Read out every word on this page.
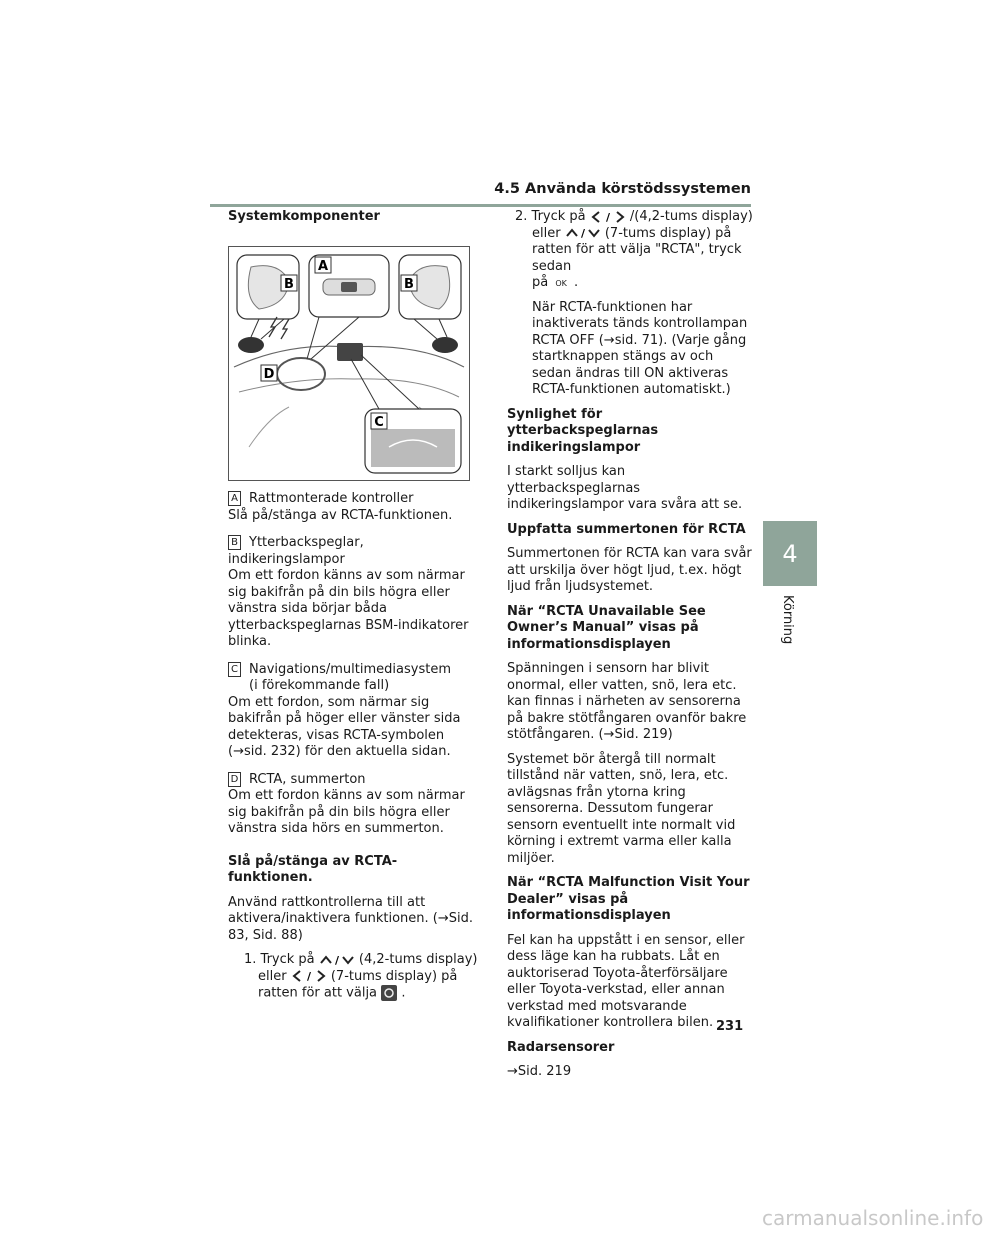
4.5 Använda körstödssystemen
4
Körning

Systemkomponenter

A
B	B
C
D
A Rattmonterade kontroller
Slå på/stänga av RCTA-funktionen.
B Ytterbackspeglar, indikeringslampor
Om ett fordon känns av som närmar sig bakifrån på din bils högra eller vänstra sida börjar båda ytterbackspeglarnas BSM-indikatorer blinka.
C Navigations/multimediasystem
(i förekommande fall)
Om ett fordon, som närmar sig bakifrån på höger eller vänster sida detekteras, visas RCTA-symbolen (→sid. 232) för den aktuella sidan.
D RCTA, summerton
Om ett fordon känns av som närmar sig bakifrån på din bils högra eller vänstra sida hörs en summerton.

Slå på/stänga av RCTA-funktionen.

Använd rattkontrollerna till att aktivera/inaktivera funktionen. (→Sid. 83, Sid. 88)

1. Tryck på / (4,2-tums display)
eller / (7-tums display) på
ratten för att välja .
2. Tryck på / /(4,2-tums display)
eller / (7-tums display) på
ratten för att välja "RCTA", tryck sedan
på OK .

När RCTA-funktionen har inaktiverats tänds kontrollampan RCTA OFF (→sid. 71). (Varje gång startknappen stängs av och sedan ändras till ON aktiveras RCTA-funktionen automatiskt.)

Synlighet för ytterbackspeglarnas indikeringslampor

I starkt solljus kan ytterbackspeglarnas indikeringslampor vara svåra att se.

Uppfatta summertonen för RCTA

Summertonen för RCTA kan vara svår att urskilja över högt ljud, t.ex. högt ljud från ljudsystemet.

När “RCTA Unavailable See Owner’s Manual” visas på informationsdisplayen

Spänningen i sensorn har blivit onormal, eller vatten, snö, lera etc. kan finnas i närheten av sensorerna på bakre stötfångaren ovanför bakre stötfångaren. (→Sid. 219)

Systemet bör återgå till normalt tillstånd när vatten, snö, lera, etc. avlägsnas från ytorna kring sensorerna. Dessutom fungerar sensorn eventuellt inte normalt vid körning i extremt varma eller kalla miljöer.

När “RCTA Malfunction Visit Your Dealer” visas på informationsdisplayen

Fel kan ha uppstått i en sensor, eller dess läge kan ha rubbats. Låt en auktoriserad Toyota-återförsäljare eller Toyota-verkstad, eller annan verkstad med motsvarande kvalifikationer kontrollera bilen.

Radarsensorer

→Sid. 219

231
carmanualsonline.info
